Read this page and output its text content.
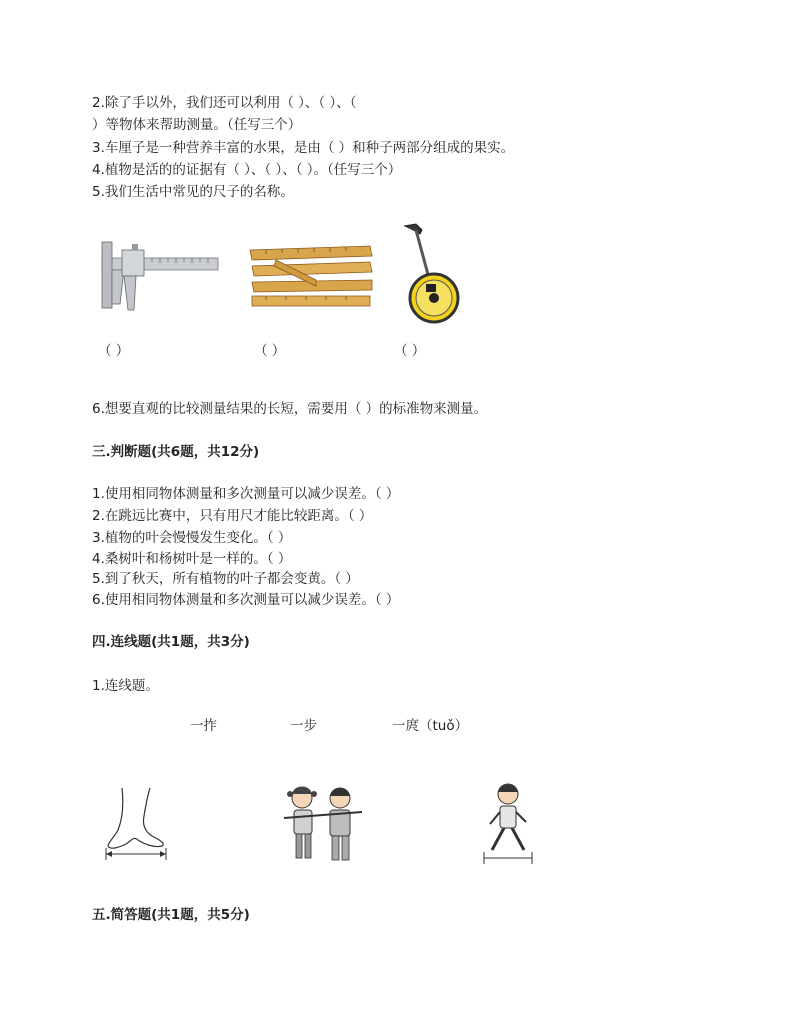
2.除了手以外，我们还可以利用（ ）、（ ）、（
）等物体来帮助测量。（任写三个）
3.车厘子是一种营养丰富的水果，是由（ ）和种子两部分组成的果实。
4.植物是活的的证据有（ ）、（ ）、（ ）。（任写三个）
5.我们生活中常见的尺子的名称。
（ ）	（ ）	（ ）
6.想要直观的比较测量结果的长短，需要用（ ）的标准物来测量。
三.判断题(共6题，共12分)
1.使用相同物体测量和多次测量可以减少误差。（ ）
2.在跳远比赛中，只有用尺才能比较距离。（ ）
3.植物的叶会慢慢发生变化。（ ）
4.桑树叶和杨树叶是一样的。（ ）
5.到了秋天，所有植物的叶子都会变黄。（ ）
6.使用相同物体测量和多次测量可以减少误差。（ ）
四.连线题(共1题，共3分)
1.连线题。
一拃	一步	一庹（tuǒ）
五.简答题(共1题，共5分)
